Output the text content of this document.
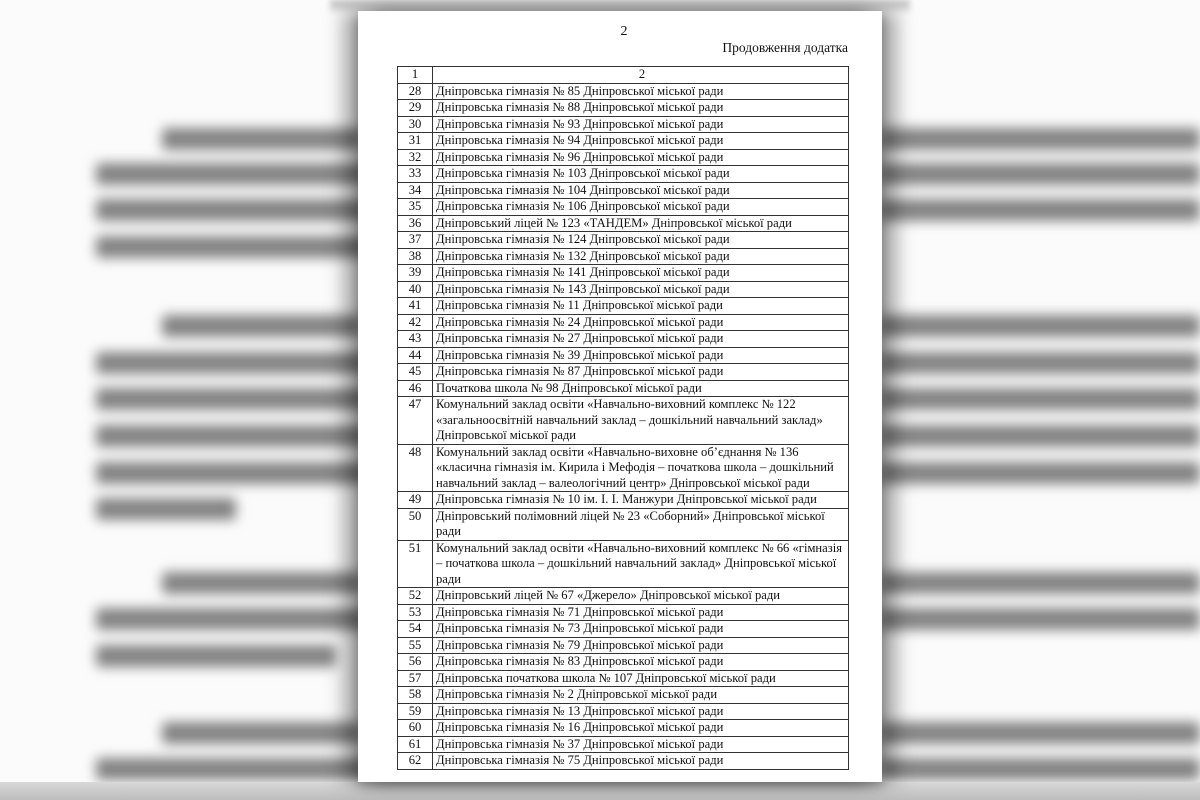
2
Продовження додатка
1	2
28	Дніпровська гімназія № 85 Дніпровської міської ради
29	Дніпровська гімназія № 88 Дніпровської міської ради
30	Дніпровська гімназія № 93 Дніпровської міської ради
31	Дніпровська гімназія № 94 Дніпровської міської ради
32	Дніпровська гімназія № 96 Дніпровської міської ради
33	Дніпровська гімназія № 103 Дніпровської міської ради
34	Дніпровська гімназія № 104 Дніпровської міської ради
35	Дніпровська гімназія № 106 Дніпровської міської ради
36	Дніпровський ліцей № 123 «ТАНДЕМ» Дніпровської міської ради
37	Дніпровська гімназія № 124 Дніпровської міської ради
38	Дніпровська гімназія № 132 Дніпровської міської ради
39	Дніпровська гімназія № 141 Дніпровської міської ради
40	Дніпровська гімназія № 143 Дніпровської міської ради
41	Дніпровська гімназія № 11 Дніпровської міської ради
42	Дніпровська гімназія № 24 Дніпровської міської ради
43	Дніпровська гімназія № 27 Дніпровської міської ради
44	Дніпровська гімназія № 39 Дніпровської міської ради
45	Дніпровська гімназія № 87 Дніпровської міської ради
46	Початкова школа № 98 Дніпровської міської ради
47	Комунальний заклад освіти «Навчально-виховний комплекс № 122 «загальноосвітній навчальний заклад – дошкільний навчальний заклад» Дніпровської міської ради
48	Комунальний заклад освіти «Навчально-виховне об’єднання № 136 «класична гімназія ім. Кирила і Мефодія – початкова школа – дошкільний навчальний заклад – валеологічний центр» Дніпровської міської ради
49	Дніпровська гімназія № 10 ім. І. І. Манжури Дніпровської міської ради
50	Дніпровський полімовний ліцей № 23 «Соборний» Дніпровської міської ради
51	Комунальний заклад освіти «Навчально-виховний комплекс № 66 «гімназія – початкова школа – дошкільний навчальний заклад» Дніпровської міської ради
52	Дніпровський ліцей № 67 «Джерело» Дніпровської міської ради
53	Дніпровська гімназія № 71 Дніпровської міської ради
54	Дніпровська гімназія № 73 Дніпровської міської ради
55	Дніпровська гімназія № 79 Дніпровської міської ради
56	Дніпровська гімназія № 83 Дніпровської міської ради
57	Дніпровська початкова школа № 107 Дніпровської міської ради
58	Дніпровська гімназія № 2 Дніпровської міської ради
59	Дніпровська гімназія № 13 Дніпровської міської ради
60	Дніпровська гімназія № 16 Дніпровської міської ради
61	Дніпровська гімназія № 37 Дніпровської міської ради
62	Дніпровська гімназія № 75 Дніпровської міської ради
